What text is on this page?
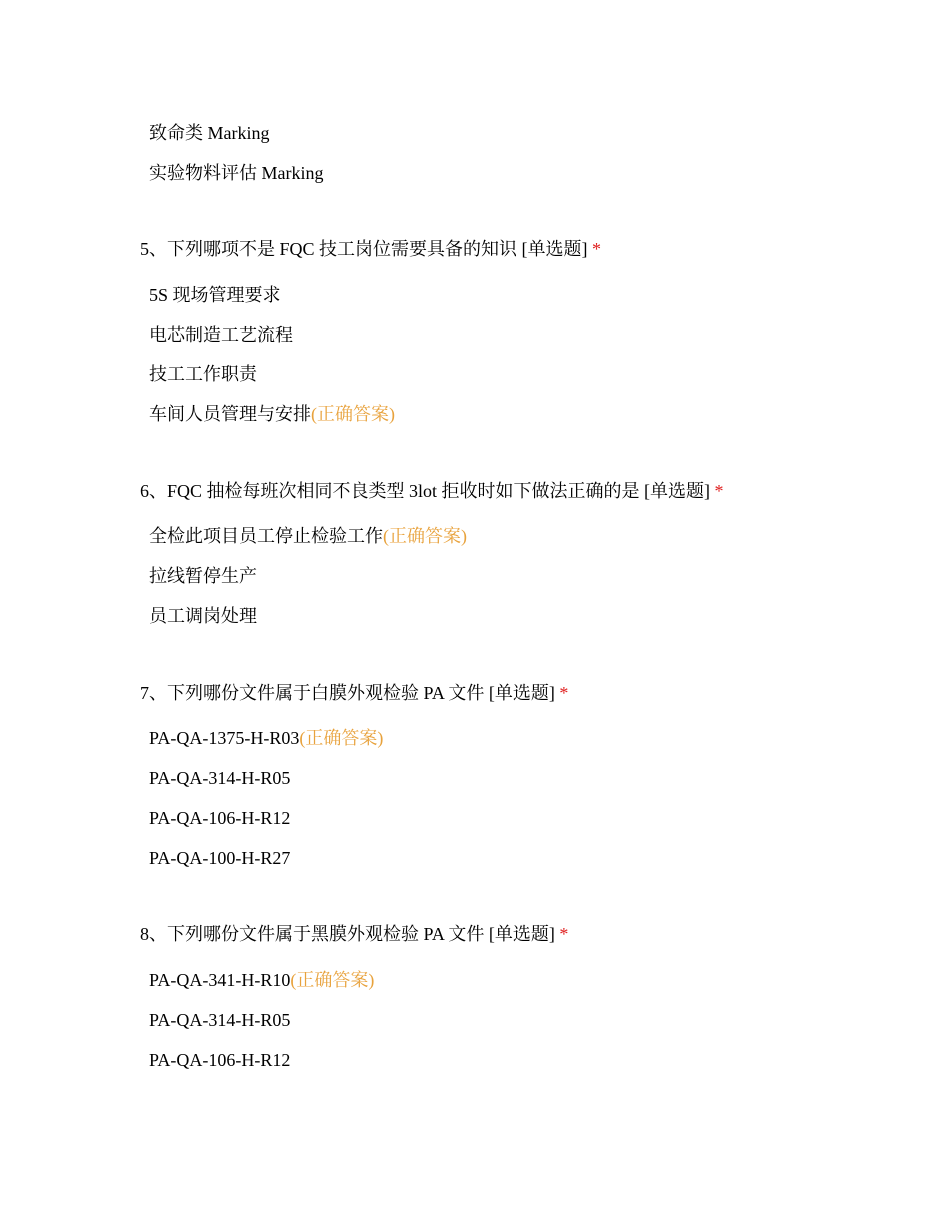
致命类 Marking
实验物料评估 Marking
5、下列哪项不是 FQC 技工岗位需要具备的知识 [单选题] *
5S 现场管理要求
电芯制造工艺流程
技工工作职责
车间人员管理与安排(正确答案)
6、FQC 抽检每班次相同不良类型 3lot 拒收时如下做法正确的是 [单选题] *
全检此项目员工停止检验工作(正确答案)
拉线暂停生产
员工调岗处理
7、下列哪份文件属于白膜外观检验 PA 文件 [单选题] *
PA-QA-1375-H-R03(正确答案)
PA-QA-314-H-R05
PA-QA-106-H-R12
PA-QA-100-H-R27
8、下列哪份文件属于黑膜外观检验 PA 文件 [单选题] *
PA-QA-341-H-R10(正确答案)
PA-QA-314-H-R05
PA-QA-106-H-R12
